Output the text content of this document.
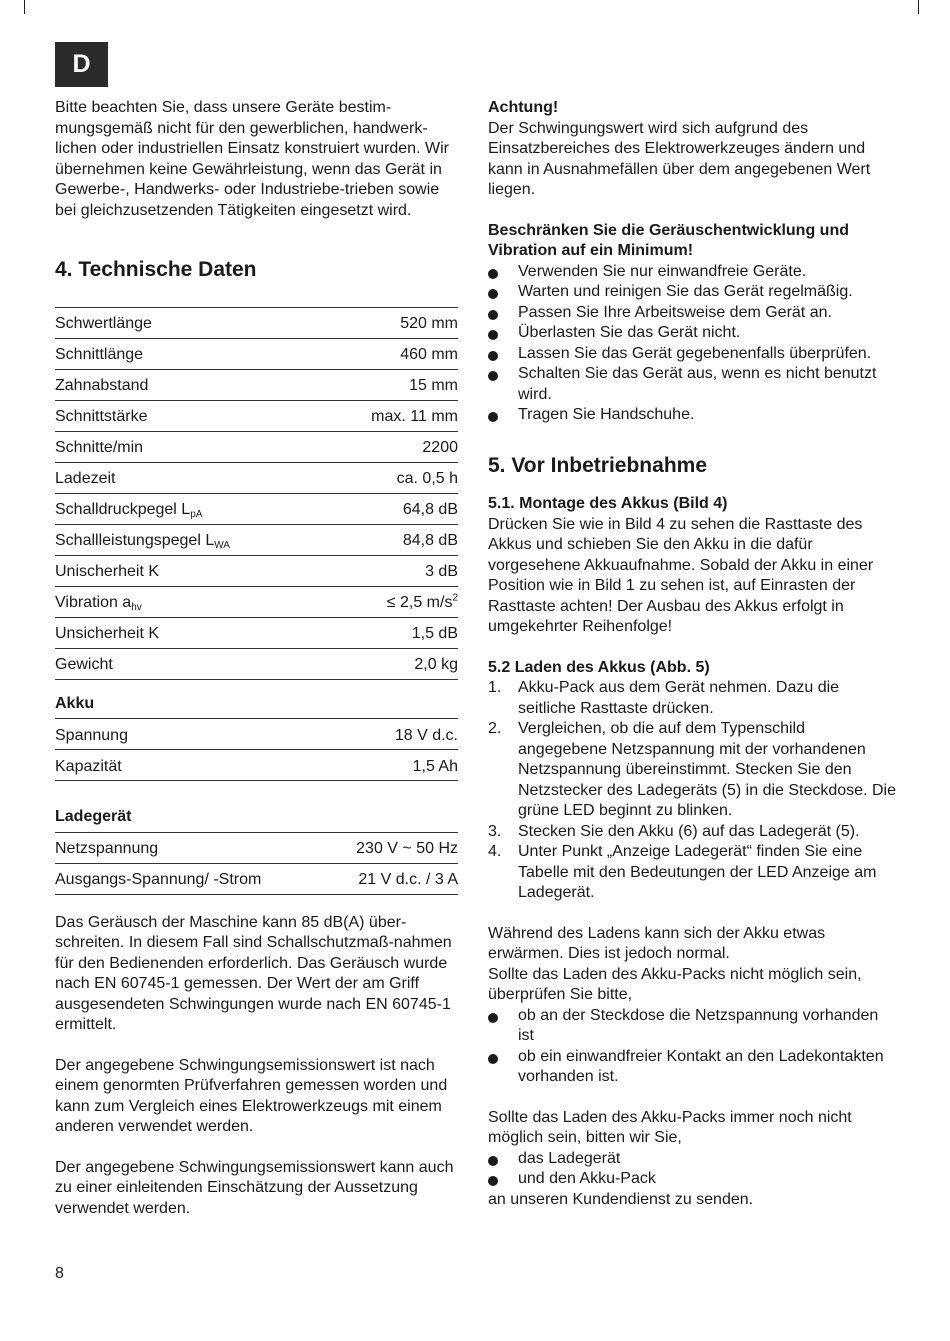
D

Bitte beachten Sie, dass unsere Geräte bestim-mungsgemäß nicht für den gewerblichen, handwerk-lichen oder industriellen Einsatz konstruiert wurden. Wir übernehmen keine Gewährleistung, wenn das Gerät in Gewerbe-, Handwerks- oder Industriebe-trieben sowie bei gleichzusetzenden Tätigkeiten eingesetzt wird.

4. Technische Daten
Schwertlänge	520 mm
Schnittlänge	460 mm
Zahnabstand	15 mm
Schnittstärke	max. 11 mm
Schnitte/min	2200
Ladezeit	ca. 0,5 h
Schalldruckpegel $L_{pA}$	64,8 dB
Schallleistungspegel $L_{WA}$	84,8 dB
Unischerheit K	3 dB
Vibration $a_{hv}$	≤ 2,5 $m/s^2$
Unsicherheit K	1,5 dB
Gewicht	2,0 kg
Akku
Spannung	18 V d.c.
Kapazität	1,5 Ah
Ladegerät
Netzspannung	230 V ~ 50 Hz
Ausgangs-Spannung/ -Strom	21 V d.c. / 3 A

Das Geräusch der Maschine kann 85 dB(A) über-schreiten. In diesem Fall sind Schallschutzmaß-nahmen für den Bedienenden erforderlich. Das Geräusch wurde nach EN 60745-1 gemessen. Der Wert der am Griff ausgesendeten Schwingungen wurde nach EN 60745-1 ermittelt.

Der angegebene Schwingungsemissionswert ist nach einem genormten Prüfverfahren gemessen worden und kann zum Vergleich eines Elektrowerkzeugs mit einem anderen verwendet werden.

Der angegebene Schwingungsemissionswert kann auch zu einer einleitenden Einschätzung der Aussetzung verwendet werden.

Achtung!

Der Schwingungswert wird sich aufgrund des Einsatzbereiches des Elektrowerkzeuges ändern und kann in Ausnahmefällen über dem angegebenen Wert liegen.

Beschränken Sie die Geräuschentwicklung und Vibration auf ein Minimum!

Verwenden Sie nur einwandfreie Geräte.
Warten und reinigen Sie das Gerät regelmäßig.
Passen Sie Ihre Arbeitsweise dem Gerät an.
Überlasten Sie das Gerät nicht.
Lassen Sie das Gerät gegebenenfalls überprüfen.
Schalten Sie das Gerät aus, wenn es nicht benutzt wird.
Tragen Sie Handschuhe.
5. Vor Inbetriebnahme

5.1. Montage des Akkus (Bild 4)

Drücken Sie wie in Bild 4 zu sehen die Rasttaste des Akkus und schieben Sie den Akku in die dafür vorgesehene Akkuaufnahme. Sobald der Akku in einer Position wie in Bild 1 zu sehen ist, auf Einrasten der Rasttaste achten! Der Ausbau des Akkus erfolgt in umgekehrter Reihenfolge!

5.2 Laden des Akkus (Abb. 5)

1. Akku-Pack aus dem Gerät nehmen. Dazu die seitliche Rasttaste drücken.
2. Vergleichen, ob die auf dem Typenschild angegebene Netzspannung mit der vorhandenen Netzspannung übereinstimmt. Stecken Sie den Netzstecker des Ladegeräts (5) in die Steckdose. Die grüne LED beginnt zu blinken.
3. Stecken Sie den Akku (6) auf das Ladegerät (5).
4. Unter Punkt „Anzeige Ladegerät“ finden Sie eine Tabelle mit den Bedeutungen der LED Anzeige am Ladegerät.

Während des Ladens kann sich der Akku etwas erwärmen. Dies ist jedoch normal.

Sollte das Laden des Akku-Packs nicht möglich sein, überprüfen Sie bitte,

ob an der Steckdose die Netzspannung vorhanden ist
ob ein einwandfreier Kontakt an den Ladekontakten vorhanden ist.

Sollte das Laden des Akku-Packs immer noch nicht möglich sein, bitten wir Sie,

das Ladegerät
und den Akku-Pack

an unseren Kundendienst zu senden.

8
